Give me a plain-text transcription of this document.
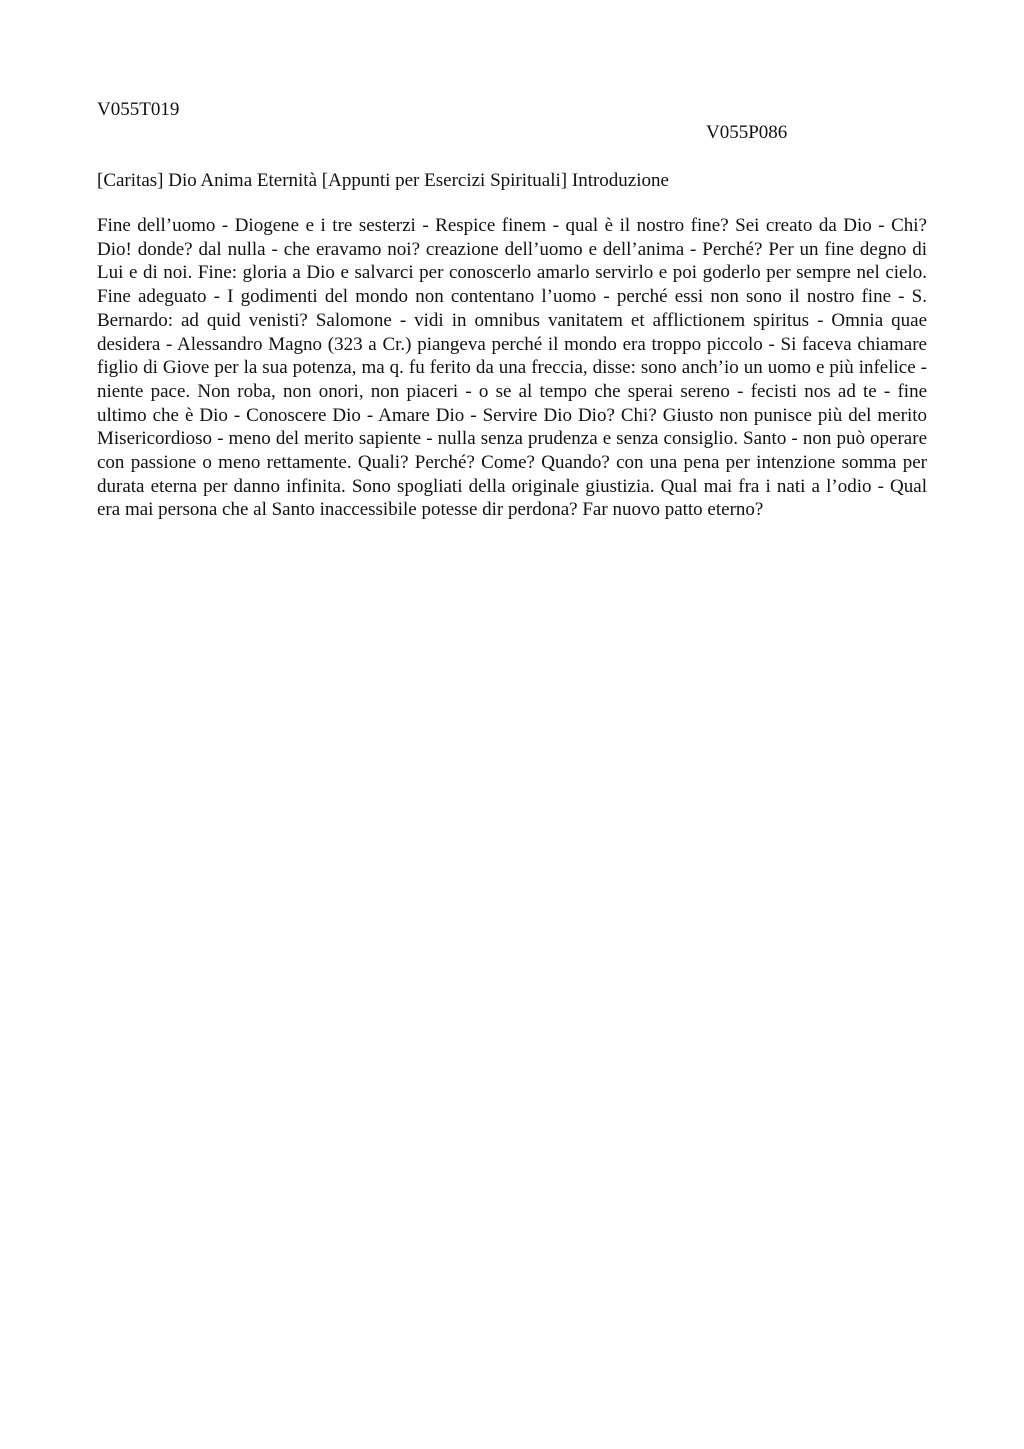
V055T019

V055P086

[Caritas] Dio Anima Eternità [Appunti per Esercizi Spirituali] Introduzione

Fine dell’uomo - Diogene e i tre sesterzi - Respice finem - qual è il nostro fine? Sei creato da Dio - Chi? Dio! donde? dal nulla - che eravamo noi? creazione dell’uomo e dell’anima - Perché? Per un fine degno di Lui e di noi. Fine: gloria a Dio e salvarci per conoscerlo amarlo servirlo e poi goderlo per sempre nel cielo. Fine adeguato - I godimenti del mondo non contentano l’uomo - perché essi non sono il nostro fine - S. Bernardo: ad quid venisti? Salomone - vidi in omnibus vanitatem et afflictionem spiritus - Omnia quae desidera - Alessandro Magno (323 a Cr.) piangeva perché il mondo era troppo piccolo - Si faceva chiamare figlio di Giove per la sua potenza, ma q. fu ferito da una freccia, disse: sono anch’io un uomo e più infelice - niente pace. Non roba, non onori, non piaceri - o se al tempo che sperai sereno - fecisti nos ad te - fine ultimo che è Dio - Conoscere Dio - Amare Dio - Servire Dio Dio? Chi? Giusto non punisce più del merito Misericordioso - meno del merito sapiente - nulla senza prudenza e senza consiglio. Santo - non può operare con passione o meno rettamente. Quali? Perché? Come? Quando? con una pena per intenzione somma per durata eterna per danno infinita. Sono spogliati della originale giustizia. Qual mai fra i nati a l’odio - Qual era mai persona che al Santo inaccessibile potesse dir perdona? Far nuovo patto eterno?
